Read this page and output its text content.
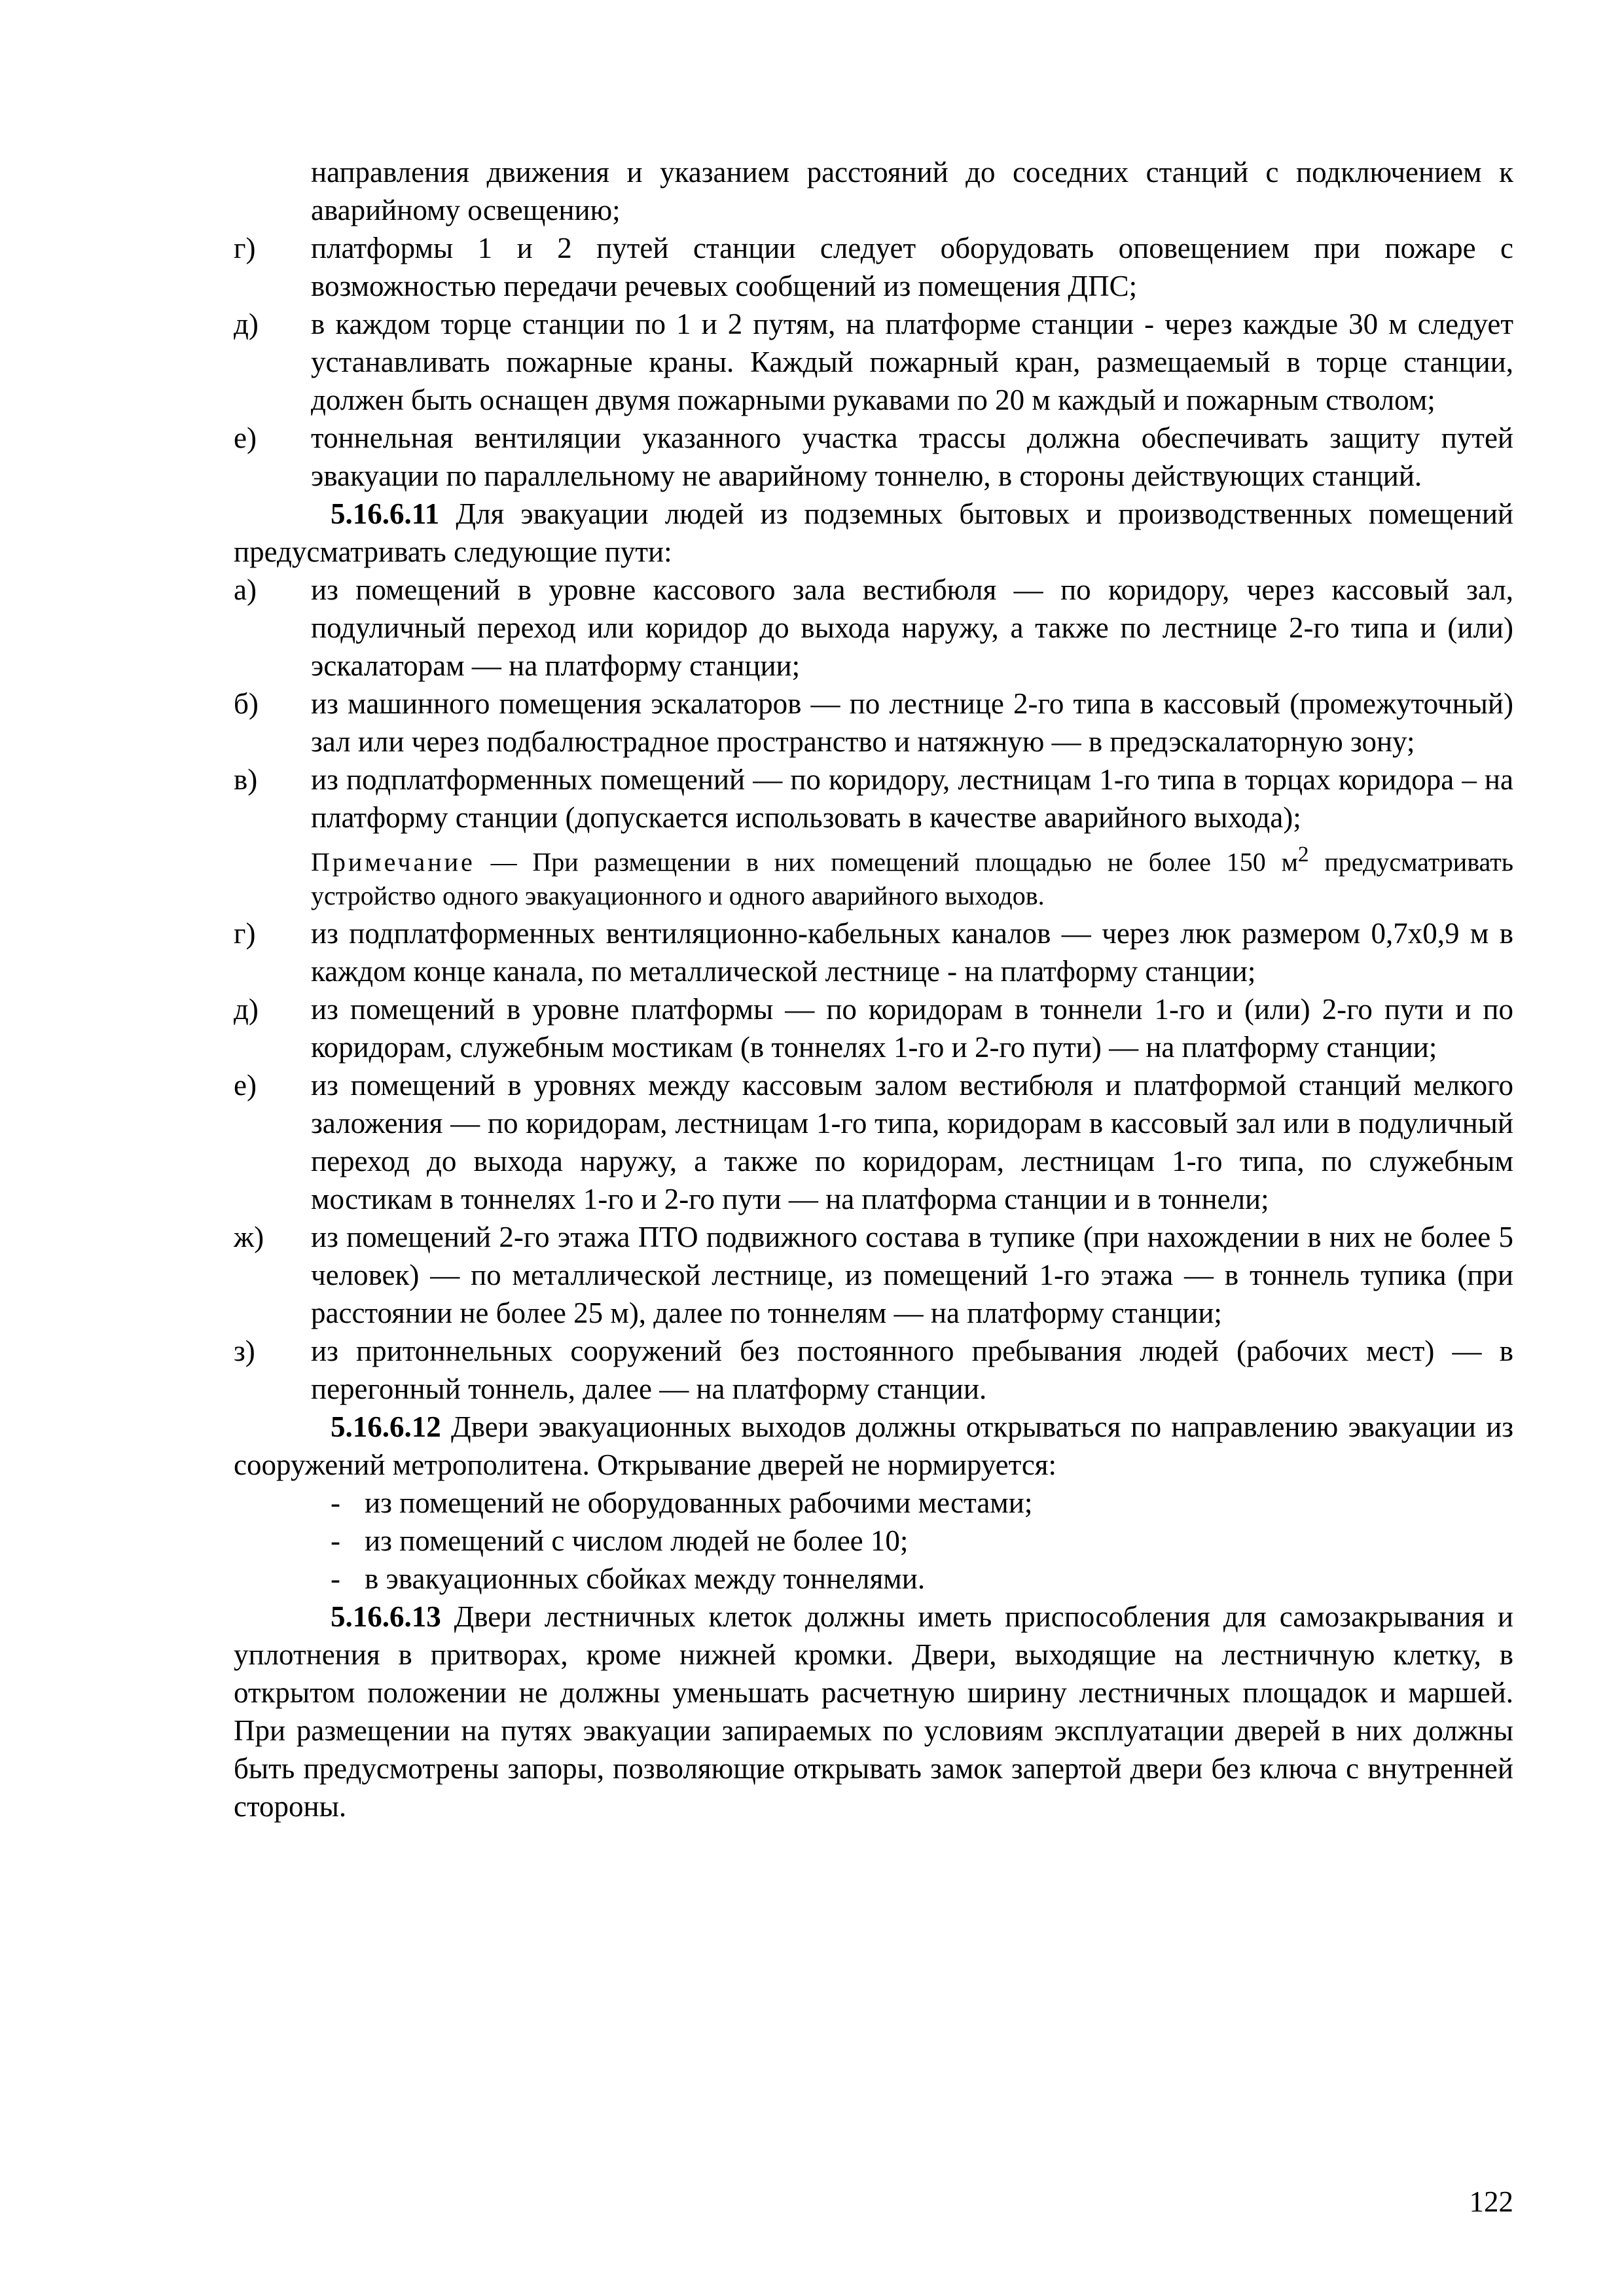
направления движения и указанием расстояний до соседних станций с подключением к аварийному освещению;
г)	платформы 1 и 2 путей станции следует оборудовать оповещением при пожаре с возможностью передачи речевых сообщений из помещения ДПС;
д)	в каждом торце станции по 1 и 2 путям, на платформе станции - через каждые 30 м следует устанавливать пожарные краны. Каждый пожарный кран, размещаемый в торце станции, должен быть оснащен двумя пожарными рукавами по 20 м каждый и пожарным стволом;
е)	тоннельная вентиляции указанного участка трассы должна обеспечивать защиту путей эвакуации по параллельному не аварийному тоннелю, в стороны действующих станций.
5.16.6.11 Для эвакуации людей из подземных бытовых и производственных помещений предусматривать следующие пути:
а)	из помещений в уровне кассового зала вестибюля — по коридору, через кассовый зал, подуличный переход или коридор до выхода наружу, а также по лестнице 2-го типа и (или) эскалаторам — на платформу станции;
б)	из машинного помещения эскалаторов — по лестнице 2-го типа в кассовый (промежуточный) зал или через подбалюстрадное пространство и натяжную — в предэскалаторную зону;
в)	из подплатформенных помещений — по коридору, лестницам 1-го типа в торцах коридора – на платформу станции (допускается использовать в качестве аварийного выхода);
Примечание — При размещении в них помещений площадью не более 150 $м^2$ предусматривать устройство одного эвакуационного и одного аварийного выходов.
г)	из подплатформенных вентиляционно-кабельных каналов — через люк размером 0,7х0,9 м в каждом конце канала, по металлической лестнице - на платформу станции;
д)	из помещений в уровне платформы — по коридорам в тоннели 1-го и (или) 2-го пути и по коридорам, служебным мостикам (в тоннелях 1-го и 2-го пути) — на платформу станции;
е)	из помещений в уровнях между кассовым залом вестибюля и платформой станций мелкого заложения — по коридорам, лестницам 1-го типа, коридорам в кассовый зал или в подуличный переход до выхода наружу, а также по коридорам, лестницам 1-го типа, по служебным мостикам в тоннелях 1-го и 2-го пути — на платформа станции и в тоннели;
ж)	из помещений 2-го этажа ПТО подвижного состава в тупике (при нахождении в них не более 5 человек) — по металлической лестнице, из помещений 1-го этажа — в тоннель тупика (при расстоянии не более 25 м), далее по тоннелям — на платформу станции;
з)	из притоннельных сооружений без постоянного пребывания людей (рабочих мест) — в перегонный тоннель, далее — на платформу станции.
5.16.6.12 Двери эвакуационных выходов должны открываться по направлению эвакуации из сооружений метрополитена. Открывание дверей не нормируется:
- из помещений не оборудованных рабочими местами;
- из помещений с числом людей не более 10;
- в эвакуационных сбойках между тоннелями.
5.16.6.13 Двери лестничных клеток должны иметь приспособления для самозакрывания и уплотнения в притворах, кроме нижней кромки. Двери, выходящие на лестничную клетку, в открытом положении не должны уменьшать расчетную ширину лестничных площадок и маршей. При размещении на путях эвакуации запираемых по условиям эксплуатации дверей в них должны быть предусмотрены запоры, позволяющие открывать замок запертой двери без ключа с внутренней стороны.
122
